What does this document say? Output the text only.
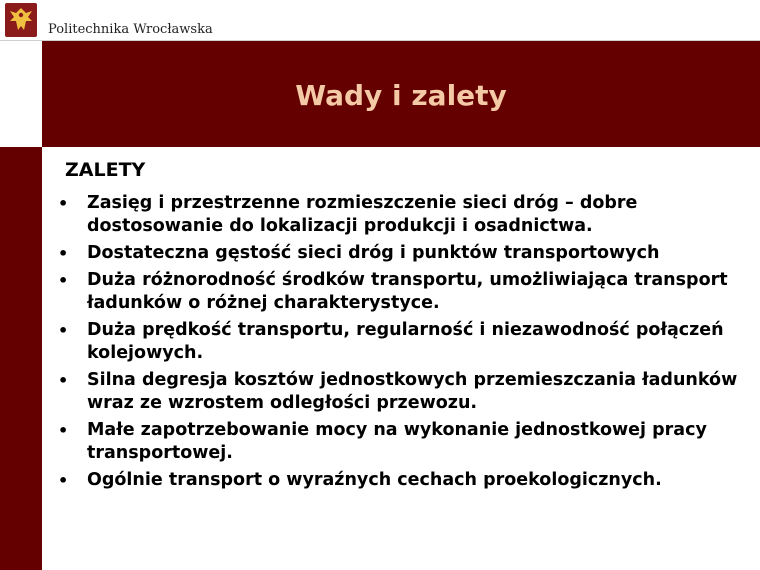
Politechnika Wrocławska
Wady i zalety
ZALETY
• Zasięg i przestrzenne rozmieszczenie sieci dróg – dobre dostosowanie do lokalizacji produkcji i osadnictwa.
• Dostateczna gęstość sieci dróg i punktów transportowych
• Duża różnorodność środków transportu, umożliwiająca transport ładunków o różnej charakterystyce.
• Duża prędkość transportu, regularność i niezawodność połączeń kolejowych.
• Silna degresja kosztów jednostkowych przemieszczania ładunków wraz ze wzrostem odległości przewozu.
• Małe zapotrzebowanie mocy na wykonanie jednostkowej pracy transportowej.
• Ogólnie transport o wyraźnych cechach proekologicznych.
